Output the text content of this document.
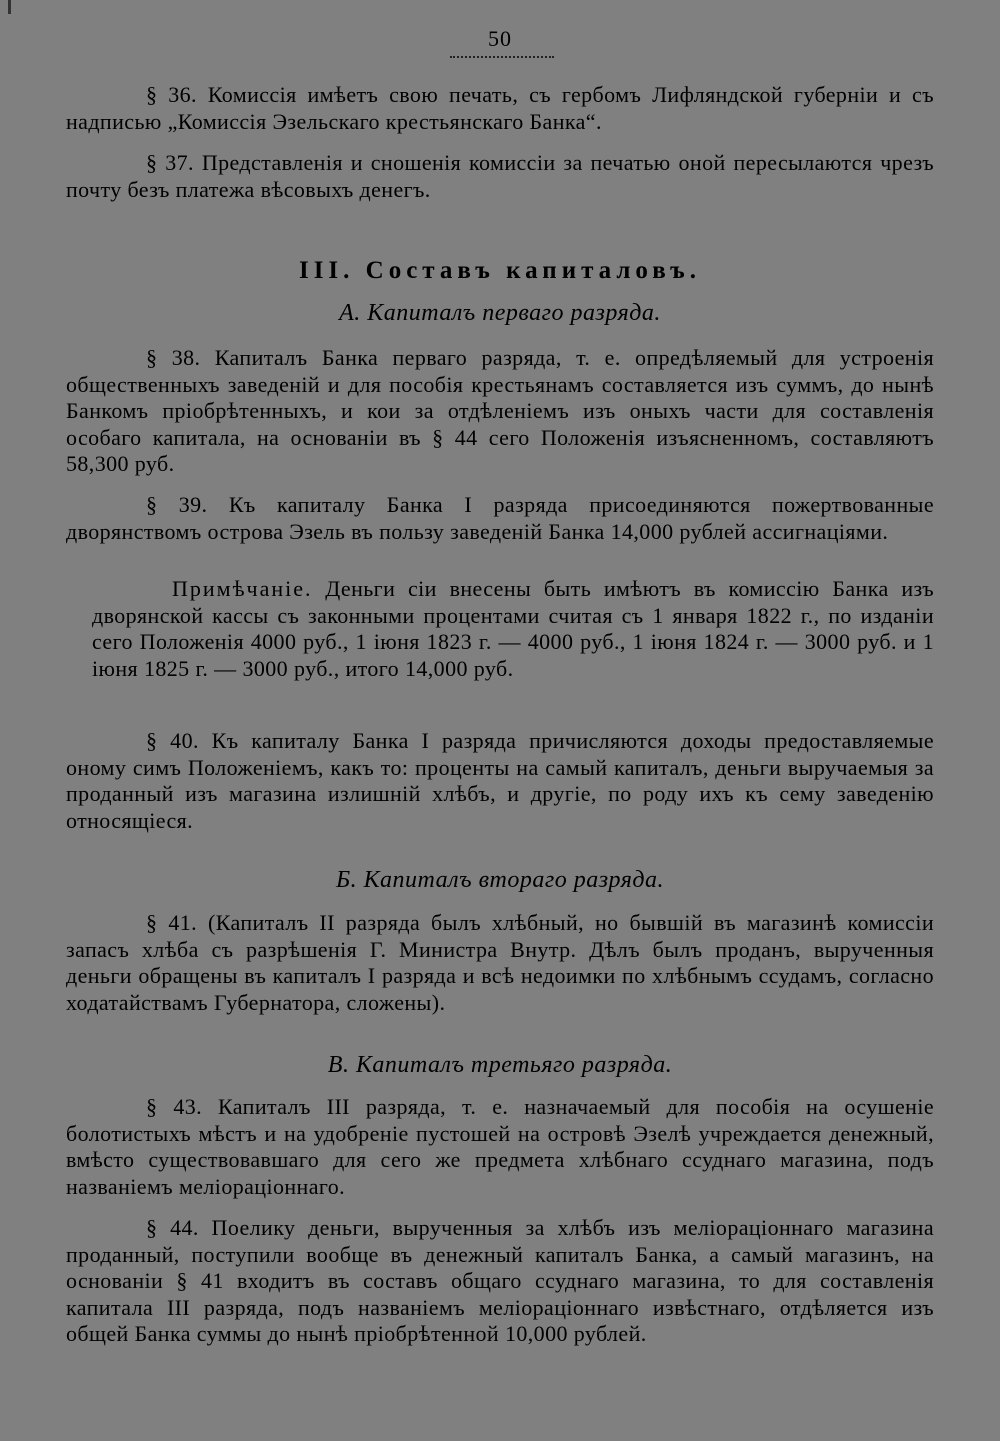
50

§ 36. Комиссія имѣетъ свою печать, съ гербомъ Лифляндской губерніи и съ надписью „Комиссія Эзельскаго крестьянскаго Банка“.

§ 37. Представленія и сношенія комиссіи за печатью оной пересылаются чрезъ почту безъ платежа вѣсовыхъ денегъ.

III. Составъ капиталовъ.
А. Капиталъ перваго разряда.

§ 38. Капиталъ Банка перваго разряда, т. е. опредѣляемый для устроенія общественныхъ заведеній и для пособія крестьянамъ составляется изъ суммъ, до нынѣ Банкомъ пріобрѣтенныхъ, и кои за отдѣленіемъ изъ оныхъ части для составленія особаго капитала, на основаніи въ § 44 сего Положенія изъясненномъ, составляютъ 58,300 руб.

§ 39. Къ капиталу Банка I разряда присоединяются пожертвованные дворянствомъ острова Эзель въ пользу заведеній Банка 14,000 рублей ассигнаціями.

Примѣчаніе. Деньги сіи внесены быть имѣютъ въ комиссію Банка изъ дворянской кассы съ законными процентами считая съ 1 января 1822 г., по изданіи сего Положенія 4000 руб., 1 іюня 1823 г. — 4000 руб., 1 іюня 1824 г. — 3000 руб. и 1 іюня 1825 г. — 3000 руб., итого 14,000 руб.

§ 40. Къ капиталу Банка I разряда причисляются доходы предоставляемые оному симъ Положеніемъ, какъ то: проценты на самый капиталъ, деньги выручаемыя за проданный изъ магазина излишній хлѣбъ, и другіе, по роду ихъ къ сему заведенію относящіеся.

Б. Капиталъ втораго разряда.

§ 41. (Капиталъ II разряда былъ хлѣбный, но бывшій въ магазинѣ комиссіи запасъ хлѣба съ разрѣшенія Г. Министра Внутр. Дѣлъ былъ проданъ, вырученныя деньги обращены въ капиталъ I разряда и всѣ недоимки по хлѣбнымъ ссудамъ, согласно ходатайствамъ Губернатора, сложены).

В. Капиталъ третьяго разряда.

§ 43. Капиталъ III разряда, т. е. назначаемый для пособія на осушеніе болотистыхъ мѣстъ и на удобреніе пустошей на островѣ Эзелѣ учреждается денежный, вмѣсто существовавшаго для сего же предмета хлѣбнаго ссуднаго магазина, подъ названіемъ меліораціоннаго.

§ 44. Поелику деньги, вырученныя за хлѣбъ изъ меліораціоннаго магазина проданный, поступили вообще въ денежный капиталъ Банка, а самый магазинъ, на основаніи § 41 входитъ въ составъ общаго ссуднаго магазина, то для составленія капитала III разряда, подъ названіемъ меліораціоннаго извѣстнаго, отдѣляется изъ общей Банка суммы до нынѣ пріобрѣтенной 10,000 рублей.
